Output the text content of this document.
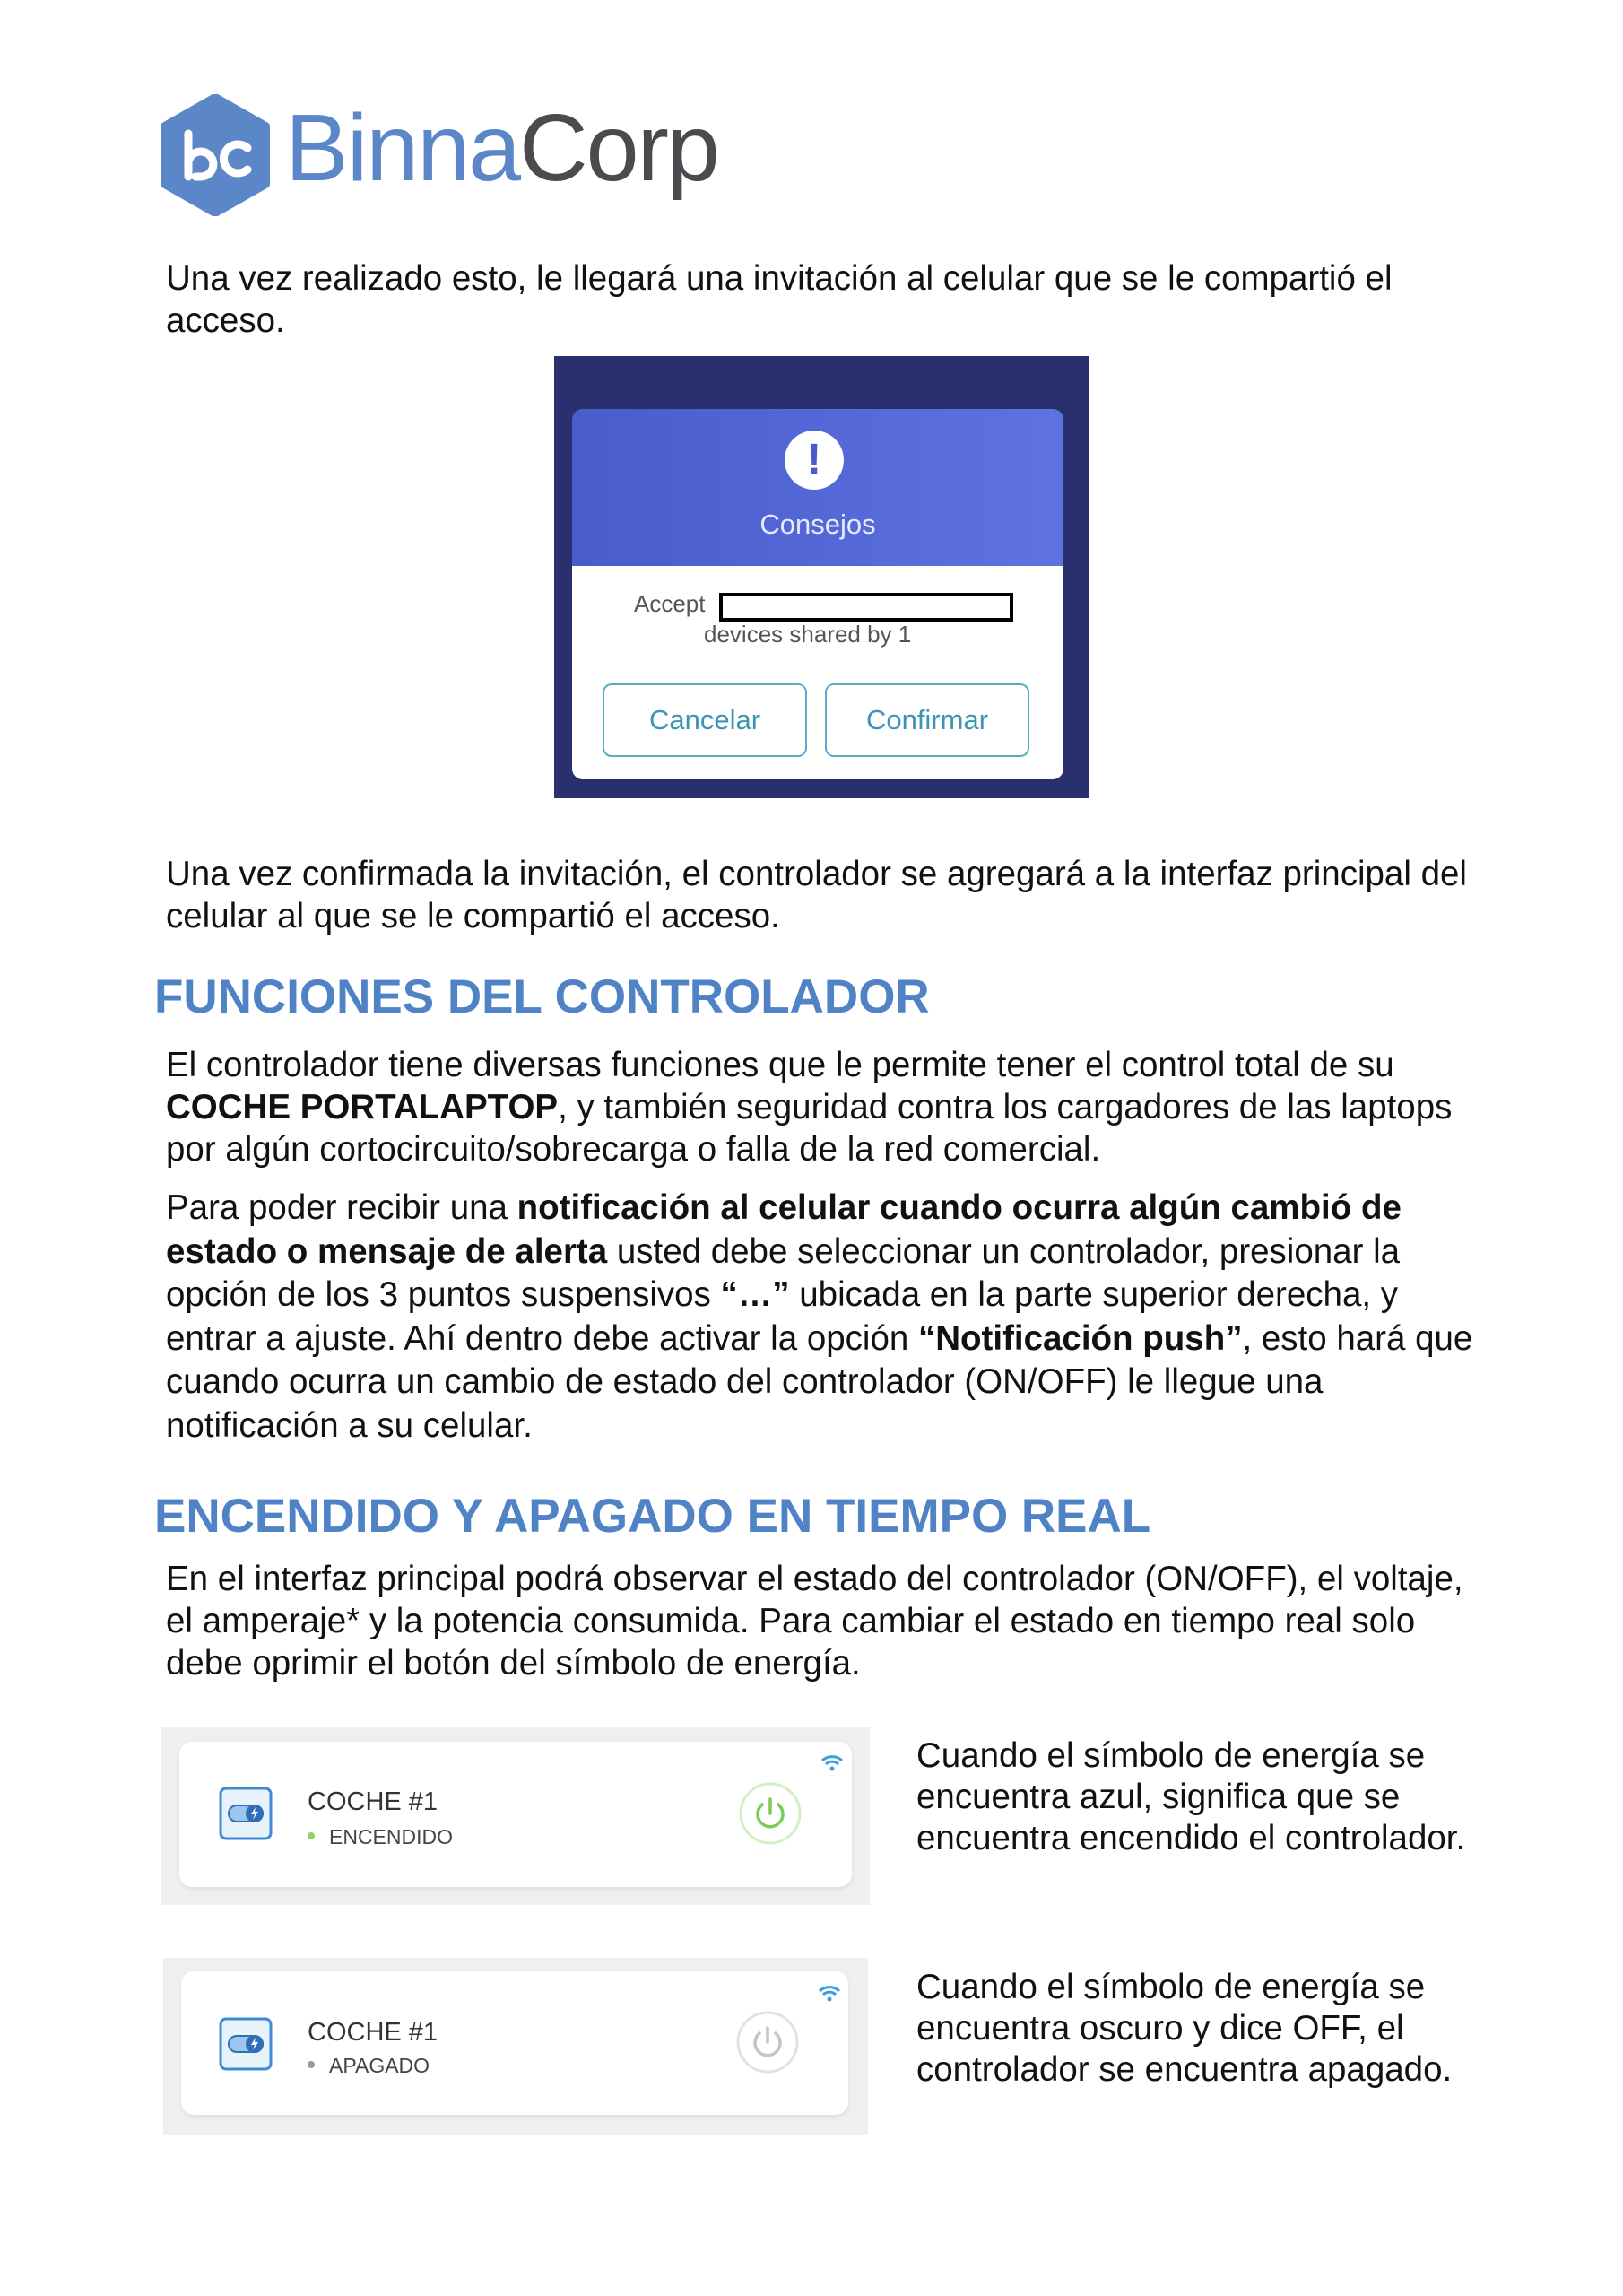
BinnaCorp

Una vez realizado esto, le llegará una invitación al celular que se le compartió el acceso.

!
Consejos
Accept
devices shared by 1
Cancelar	Confirmar

Una vez confirmada la invitación, el controlador se agregará a la interfaz principal del celular al que se le compartió el acceso.

FUNCIONES DEL CONTROLADOR

El controlador tiene diversas funciones que le permite tener el control total de su COCHE PORTALAPTOP, y también seguridad contra los cargadores de las laptops por algún cortocircuito/sobrecarga o falla de la red comercial.

Para poder recibir una notificación al celular cuando ocurra algún cambió de estado o mensaje de alerta usted debe seleccionar un controlador, presionar la opción de los 3 puntos suspensivos “…” ubicada en la parte superior derecha, y entrar a ajuste. Ahí dentro debe activar la opción “Notificación push”, esto hará que cuando ocurra un cambio de estado del controlador (ON/OFF) le llegue una notificación a su celular.

ENCENDIDO Y APAGADO EN TIEMPO REAL

En el interfaz principal podrá observar el estado del controlador (ON/OFF), el voltaje, el amperaje* y la potencia consumida. Para cambiar el estado en tiempo real solo debe oprimir el botón del símbolo de energía.

COCHE #1
ENCENDIDO

Cuando el símbolo de energía se encuentra azul, significa que se encuentra encendido el controlador.

COCHE #1
APAGADO

Cuando el símbolo de energía se encuentra oscuro y dice OFF, el controlador se encuentra apagado.
